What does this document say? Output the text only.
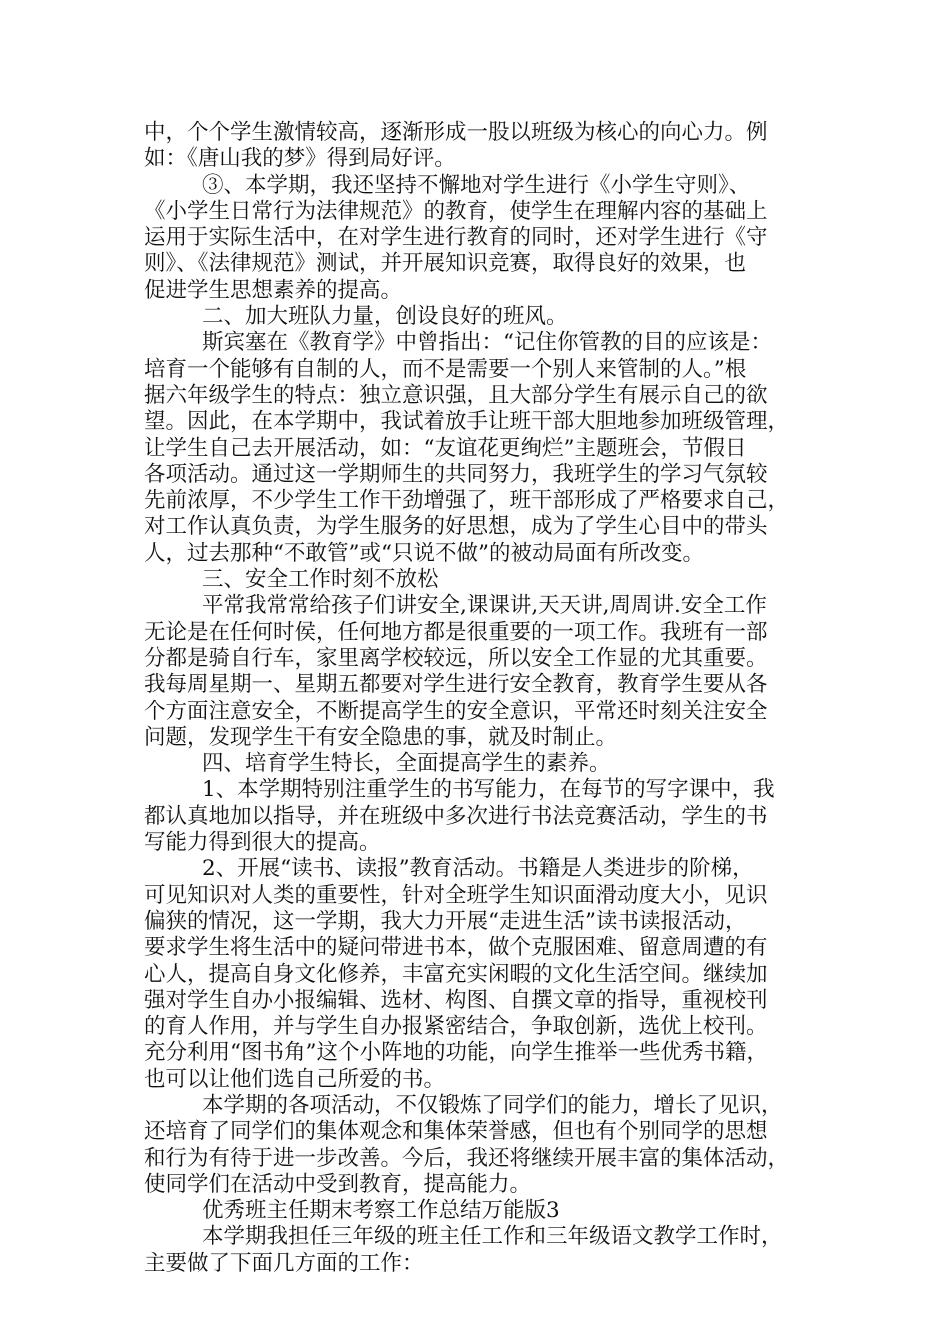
中，个个学生激情较高，逐渐形成一股以班级为核心的向心力。例
如：《唐山我的梦》得到局好评。
③、本学期，我还坚持不懈地对学生进行《小学生守则》、
《小学生日常行为法律规范》的教育，使学生在理解内容的基础上
运用于实际生活中，在对学生进行教育的同时，还对学生进行《守
则》、《法律规范》测试，并开展知识竞赛，取得良好的效果，也
促进学生思想素养的提高。
二、加大班队力量，创设良好的班风。
斯宾塞在《教育学》中曾指出：“记住你管教的目的应该是：
培育一个能够有自制的人，而不是需要一个别人来管制的人。”根
据六年级学生的特点：独立意识强，且大部分学生有展示自己的欲
望。因此，在本学期中，我试着放手让班干部大胆地参加班级管理，
让学生自己去开展活动，如：“友谊花更绚烂”主题班会，节假日
各项活动。通过这一学期师生的共同努力，我班学生的学习气氛较
先前浓厚，不少学生工作干劲增强了，班干部形成了严格要求自己，
对工作认真负责，为学生服务的好思想，成为了学生心目中的带头
人，过去那种“不敢管”或“只说不做”的被动局面有所改变。
三、安全工作时刻不放松
平常我常常给孩子们讲安全,课课讲,天天讲,周周讲.安全工作
无论是在任何时侯，任何地方都是很重要的一项工作。我班有一部
分都是骑自行车，家里离学校较远，所以安全工作显的尤其重要。
我每周星期一、星期五都要对学生进行安全教育，教育学生要从各
个方面注意安全，不断提高学生的安全意识，平常还时刻关注安全
问题，发现学生干有安全隐患的事，就及时制止。
四、培育学生特长，全面提高学生的素养。
1、本学期特别注重学生的书写能力，在每节的写字课中，我
都认真地加以指导，并在班级中多次进行书法竞赛活动，学生的书
写能力得到很大的提高。
2、开展“读书、读报”教育活动。书籍是人类进步的阶梯，
可见知识对人类的重要性，针对全班学生知识面滑动度大小，见识
偏狭的情况，这一学期，我大力开展“走进生活”读书读报活动，
要求学生将生活中的疑问带进书本，做个克服困难、留意周遭的有
心人，提高自身文化修养，丰富充实闲暇的文化生活空间。继续加
强对学生自办小报编辑、选材、构图、自撰文章的指导，重视校刊
的育人作用，并与学生自办报紧密结合，争取创新，选优上校刊。
充分利用“图书角”这个小阵地的功能，向学生推举一些优秀书籍，
也可以让他们选自己所爱的书。
本学期的各项活动，不仅锻炼了同学们的能力，增长了见识，
还培育了同学们的集体观念和集体荣誉感，但也有个别同学的思想
和行为有待于进一步改善。今后，我还将继续开展丰富的集体活动，
使同学们在活动中受到教育，提高能力。
优秀班主任期末考察工作总结万能版3
本学期我担任三年级的班主任工作和三年级语文教学工作时，
主要做了下面几方面的工作：
